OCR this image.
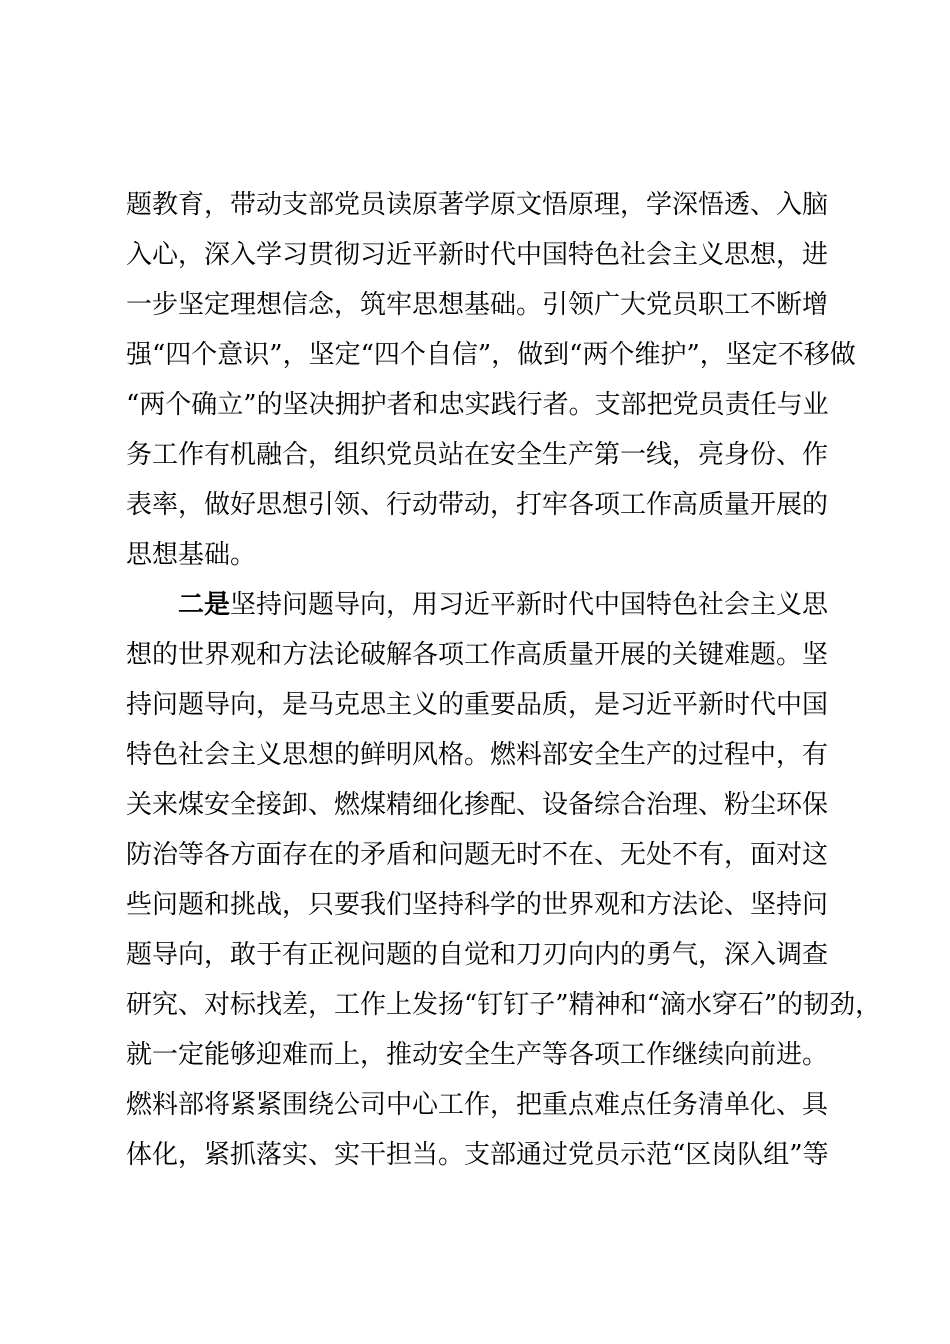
题教育，带动支部党员读原著学原文悟原理，学深悟透、入脑
入心，深入学习贯彻习近平新时代中国特色社会主义思想，进
一步坚定理想信念，筑牢思想基础。引领广大党员职工不断增
强“四个意识”，坚定“四个自信”，做到“两个维护”，坚定不移做
“两个确立”的坚决拥护者和忠实践行者。支部把党员责任与业
务工作有机融合，组织党员站在安全生产第一线，亮身份、作
表率，做好思想引领、行动带动，打牢各项工作高质量开展的
思想基础。
二是坚持问题导向，用习近平新时代中国特色社会主义思
想的世界观和方法论破解各项工作高质量开展的关键难题。坚
持问题导向，是马克思主义的重要品质，是习近平新时代中国
特色社会主义思想的鲜明风格。燃料部安全生产的过程中，有
关来煤安全接卸、燃煤精细化掺配、设备综合治理、粉尘环保
防治等各方面存在的矛盾和问题无时不在、无处不有，面对这
些问题和挑战，只要我们坚持科学的世界观和方法论、坚持问
题导向，敢于有正视问题的自觉和刀刃向内的勇气，深入调查
研究、对标找差，工作上发扬“钉钉子”精神和“滴水穿石”的韧劲，
就一定能够迎难而上，推动安全生产等各项工作继续向前进。
燃料部将紧紧围绕公司中心工作，把重点难点任务清单化、具
体化，紧抓落实、实干担当。支部通过党员示范“区岗队组”等
